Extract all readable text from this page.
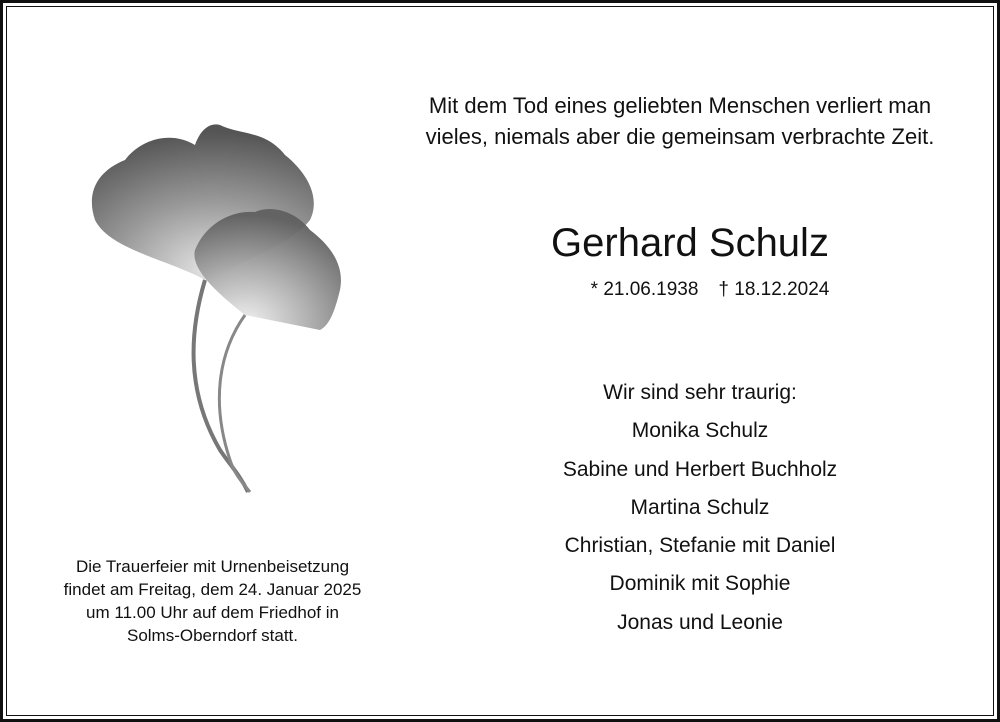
Mit dem Tod eines geliebten Menschen verliert man
vieles, niemals aber die gemeinsam verbrachte Zeit.
Gerhard Schulz
* 21.06.1938 † 18.12.2024
Wir sind sehr traurig:
Monika Schulz
Sabine und Herbert Buchholz
Martina Schulz
Christian, Stefanie mit Daniel
Dominik mit Sophie
Jonas und Leonie
Die Trauerfeier mit Urnenbeisetzung
findet am Freitag, dem 24. Januar 2025
um 11.00 Uhr auf dem Friedhof in
Solms-Oberndorf statt.
